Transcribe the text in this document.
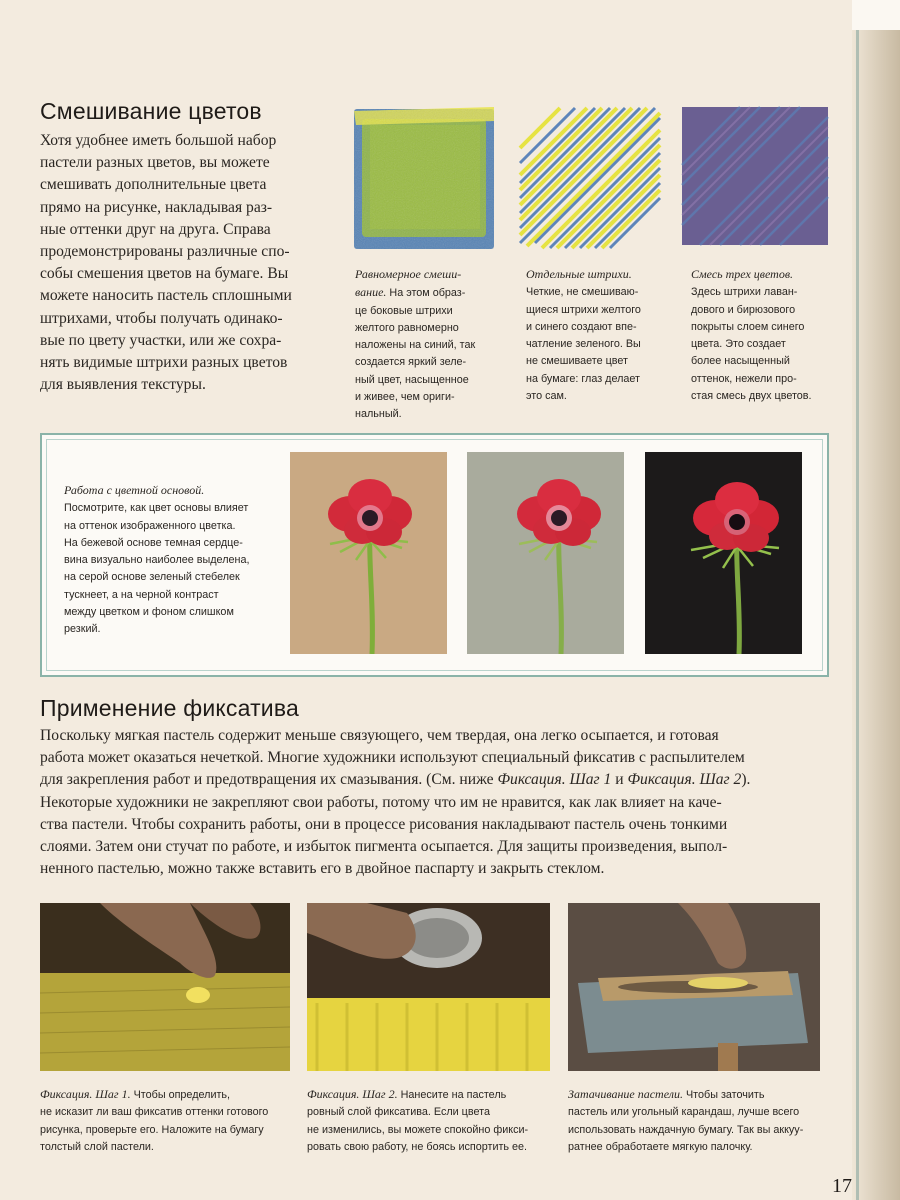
Смешивание цветов
Хотя удобнее иметь большой набор
пастели разных цветов, вы можете
смешивать дополнительные цвета
прямо на рисунке, накладывая раз-
ные оттенки друг на друга. Справа
продемонстрированы различные спо-
собы смешения цветов на бумаге. Вы
можете наносить пастель сплошными
штрихами, чтобы получать одинако-
вые по цвету участки, или же сохра-
нять видимые штрихи разных цветов
для выявления текстуры.
Равномерное смеши-
вание. На этом образ-
це боковые штрихи
желтого равномерно
наложены на синий, так
создается яркий зеле-
ный цвет, насыщенное
и живее, чем ориги-
нальный.
Отдельные штрихи.
Четкие, не смешиваю-
щиеся штрихи желтого
и синего создают впе-
чатление зеленого. Вы
не смешиваете цвет
на бумаге: глаз делает
это сам.
Смесь трех цветов.
Здесь штрихи лаван-
дового и бирюзового
покрыты слоем синего
цвета. Это создает
более насыщенный
оттенок, нежели про-
стая смесь двух цветов.
Работа с цветной основой.
Посмотрите, как цвет основы влияет
на оттенок изображенного цветка.
На бежевой основе темная сердце-
вина визуально наиболее выделена,
на серой основе зеленый стебелек
тускнеет, а на черной контраст
между цветком и фоном слишком
резкий.
Применение фиксатива
Поскольку мягкая пастель содержит меньше связующего, чем твердая, она легко осыпается, и готовая
работа может оказаться нечеткой. Многие художники используют специальный фиксатив с распылителем
для закрепления работ и предотвращения их смазывания. (См. ниже Фиксация. Шаг 1 и Фиксация. Шаг 2).
Некоторые художники не закрепляют свои работы, потому что им не нравится, как лак влияет на каче-
ства пастели. Чтобы сохранить работы, они в процессе рисования накладывают пастель очень тонкими
слоями. Затем они стучат по работе, и избыток пигмента осыпается. Для защиты произведения, выпол-
ненного пастелью, можно также вставить его в двойное паспарту и закрыть стеклом.
Фиксация. Шаг 1. Чтобы определить,
не исказит ли ваш фиксатив оттенки готового
рисунка, проверьте его. Наложите на бумагу
толстый слой пастели.
Фиксация. Шаг 2. Нанесите на пастель
ровный слой фиксатива. Если цвета
не изменились, вы можете спокойно фикси-
ровать свою работу, не боясь испортить ее.
Затачивание пастели. Чтобы заточить
пастель или угольный карандаш, лучше всего
использовать наждачную бумагу. Так вы аккуy-
ратнее обработаете мягкую палочку.
17
